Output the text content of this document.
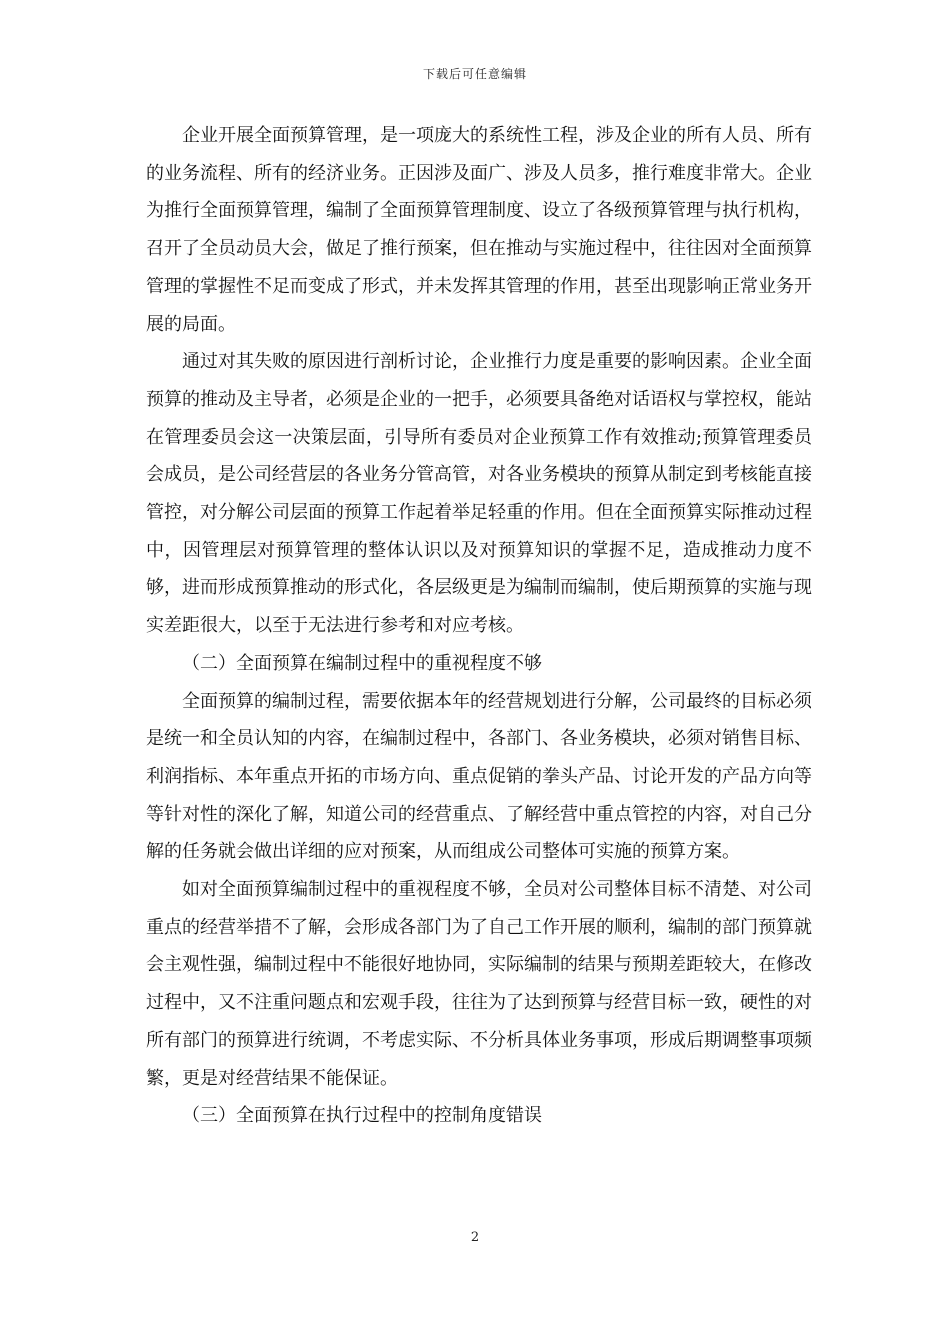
下载后可任意编辑

企业开展全面预算管理，是一项庞大的系统性工程，涉及企业的所有人员、所有的业务流程、所有的经济业务。正因涉及面广、涉及人员多，推行难度非常大。企业为推行全面预算管理，编制了全面预算管理制度、设立了各级预算管理与执行机构，召开了全员动员大会，做足了推行预案，但在推动与实施过程中，往往因对全面预算管理的掌握性不足而变成了形式，并未发挥其管理的作用，甚至出现影响正常业务开展的局面。

通过对其失败的原因进行剖析讨论，企业推行力度是重要的影响因素。企业全面预算的推动及主导者，必须是企业的一把手，必须要具备绝对话语权与掌控权，能站在管理委员会这一决策层面，引导所有委员对企业预算工作有效推动;预算管理委员会成员，是公司经营层的各业务分管高管，对各业务模块的预算从制定到考核能直接管控，对分解公司层面的预算工作起着举足轻重的作用。但在全面预算实际推动过程中，因管理层对预算管理的整体认识以及对预算知识的掌握不足，造成推动力度不够，进而形成预算推动的形式化，各层级更是为编制而编制，使后期预算的实施与现实差距很大，以至于无法进行参考和对应考核。

（二）全面预算在编制过程中的重视程度不够

全面预算的编制过程，需要依据本年的经营规划进行分解，公司最终的目标必须是统一和全员认知的内容，在编制过程中，各部门、各业务模块，必须对销售目标、利润指标、本年重点开拓的市场方向、重点促销的拳头产品、讨论开发的产品方向等等针对性的深化了解，知道公司的经营重点、了解经营中重点管控的内容，对自己分解的任务就会做出详细的应对预案，从而组成公司整体可实施的预算方案。

如对全面预算编制过程中的重视程度不够，全员对公司整体目标不清楚、对公司重点的经营举措不了解，会形成各部门为了自己工作开展的顺利，编制的部门预算就会主观性强，编制过程中不能很好地协同，实际编制的结果与预期差距较大，在修改过程中，又不注重问题点和宏观手段，往往为了达到预算与经营目标一致，硬性的对所有部门的预算进行统调，不考虑实际、不分析具体业务事项，形成后期调整事项频繁，更是对经营结果不能保证。

（三）全面预算在执行过程中的控制角度错误

2
